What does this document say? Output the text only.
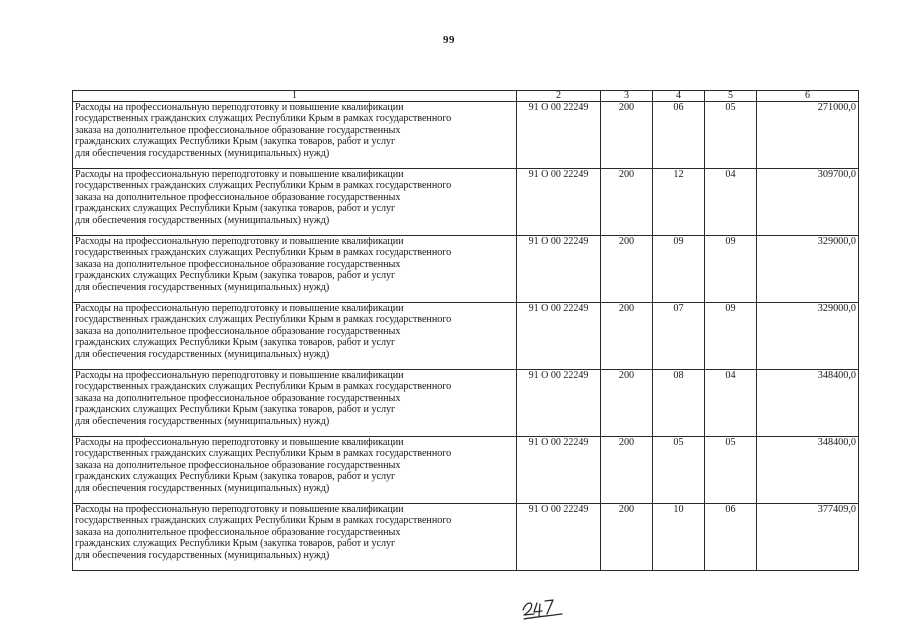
99
1	2	3	4	5	6
Расходы на профессиональную переподготовку и повышение квалификации
государственных гражданских служащих Республики Крым в рамках государственного
заказа на дополнительное профессиональное образование государственных
гражданских служащих Республики Крым (закупка товаров, работ и услуг
для обеспечения государственных (муниципальных) нужд)	91 О 00 22249	200	06	05	271000,0
Расходы на профессиональную переподготовку и повышение квалификации
государственных гражданских служащих Республики Крым в рамках государственного
заказа на дополнительное профессиональное образование государственных
гражданских служащих Республики Крым (закупка товаров, работ и услуг
для обеспечения государственных (муниципальных) нужд)	91 О 00 22249	200	12	04	309700,0
Расходы на профессиональную переподготовку и повышение квалификации
государственных гражданских служащих Республики Крым в рамках государственного
заказа на дополнительное профессиональное образование государственных
гражданских служащих Республики Крым (закупка товаров, работ и услуг
для обеспечения государственных (муниципальных) нужд)	91 О 00 22249	200	09	09	329000,0
Расходы на профессиональную переподготовку и повышение квалификации
государственных гражданских служащих Республики Крым в рамках государственного
заказа на дополнительное профессиональное образование государственных
гражданских служащих Республики Крым (закупка товаров, работ и услуг
для обеспечения государственных (муниципальных) нужд)	91 О 00 22249	200	07	09	329000,0
Расходы на профессиональную переподготовку и повышение квалификации
государственных гражданских служащих Республики Крым в рамках государственного
заказа на дополнительное профессиональное образование государственных
гражданских служащих Республики Крым (закупка товаров, работ и услуг
для обеспечения государственных (муниципальных) нужд)	91 О 00 22249	200	08	04	348400,0
Расходы на профессиональную переподготовку и повышение квалификации
государственных гражданских служащих Республики Крым в рамках государственного
заказа на дополнительное профессиональное образование государственных
гражданских служащих Республики Крым (закупка товаров, работ и услуг
для обеспечения государственных (муниципальных) нужд)	91 О 00 22249	200	05	05	348400,0
Расходы на профессиональную переподготовку и повышение квалификации
государственных гражданских служащих Республики Крым в рамках государственного
заказа на дополнительное профессиональное образование государственных
гражданских служащих Республики Крым (закупка товаров, работ и услуг
для обеспечения государственных (муниципальных) нужд)	91 О 00 22249	200	10	06	377409,0
